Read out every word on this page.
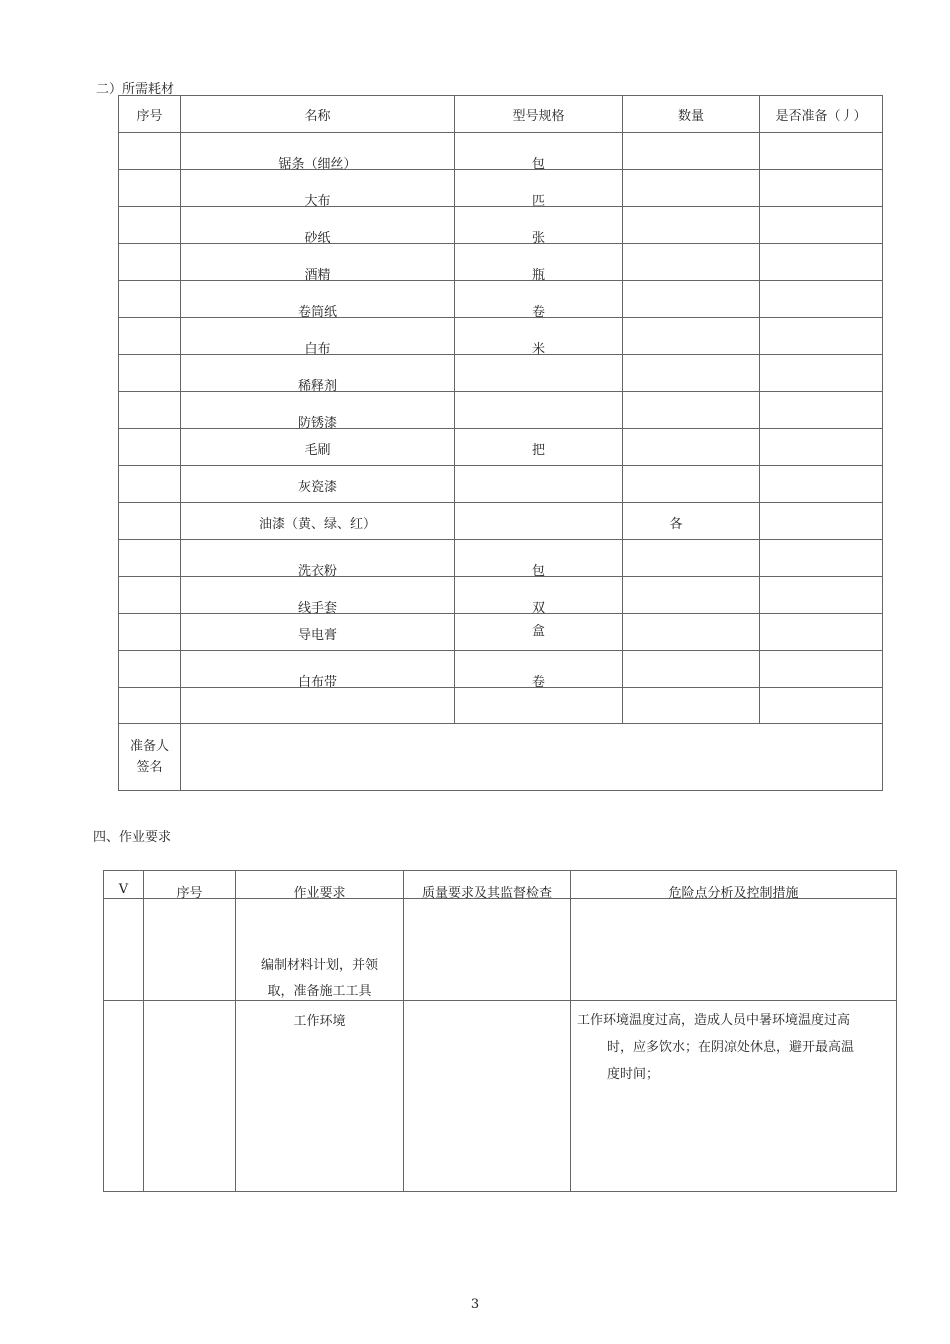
二）所需耗材
序号	名称	型号规格	数量	是否准备（丿）

	锯条（细丝）	包		

	大布	匹		

	砂纸	张		

	酒精	瓶		

	卷筒纸	卷		

	白布	米		

	稀释剂			

	防锈漆			

	毛刷	把		

	灰瓷漆			

	油漆（黄、绿、红）		各	

	洗衣粉	包		

	线手套	双		

	导电膏	盒		

	白布带	卷		

准备人
签名				

四、作业要求
V	序号	作业要求	质量要求及其监督检查	危险点分析及控制措施

		编制材料计划，并领
取，准备施工工具		

		工作环境		工作环境温度过高，造成人员中暑环境温度过高
时，应多饮水；在阴凉处休息，避开最高温
度时间；
3
